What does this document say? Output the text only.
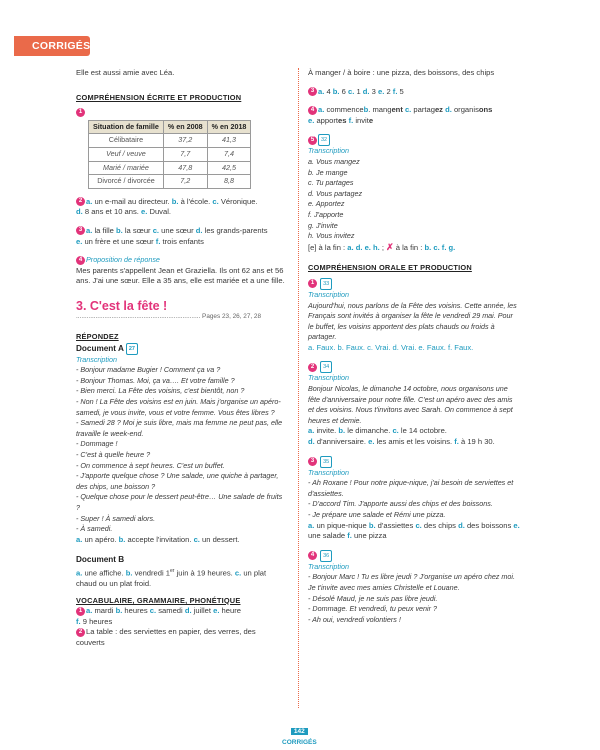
CORRIGÉS

Elle est aussi amie avec Léa.

COMPRÉHENSION ÉCRITE ET PRODUCTION

1
Situation de famille	% en 2008	% en 2018
Célibataire	37,2	41,3
Veuf / veuve	7,7	7,4
Marié / mariée	47,8	42,5
Divorcé / divorcée	7,2	8,8

2 a. un e-mail au directeur. b. à l'école. c. Véronique.
d. 8 ans et 10 ans. e. Duval.

3 a. la fille b. la sœur c. une sœur d. les grands-parents
e. un frère et une sœur f. trois enfants

4 Proposition de réponse

Mes parents s'appellent Jean et Graziella. Ils ont 62 ans et 56 ans. J'ai une sœur. Elle a 35 ans, elle est mariée et a une fille.

3. C'est la fête !

...................................................................... Pages 23, 26, 27, 28

RÉPONDEZ

Document A 27

Transcription

- Bonjour madame Bugier ! Comment ça va ?

- Bonjour Thomas. Moi, ça va…. Et votre famille ?

- Bien merci. La Fête des voisins, c'est bientôt, non ?

- Non ! La Fête des voisins est en juin. Mais j'organise un apéro-samedi, je vous invite, vous et votre femme. Vous êtes libres ?

- Samedi 28 ? Moi je suis libre, mais ma femme ne peut pas, elle travaille le week-end.

- Dommage !

- C'est à quelle heure ?

- On commence à sept heures. C'est un buffet.

- J'apporte quelque chose ? Une salade, une quiche à partager, des chips, une boisson ?

- Quelque chose pour le dessert peut-être… Une salade de fruits ?

- Super ! À samedi alors.

- À samedi.

a. un apéro. b. accepte l'invitation. c. un dessert.

Document B

a. une affiche. b. vendredi 1er juin à 19 heures. c. un plat chaud ou un plat froid.

VOCABULAIRE, GRAMMAIRE, PHONÉTIQUE

1 a. mardi b. heures c. samedi d. juillet e. heure
f. 9 heures

2 La table : des serviettes en papier, des verres, des couverts

À manger / à boire : une pizza, des boissons, des chips

3 a. 4 b. 6 c. 1 d. 3 e. 2 f. 5

4 a. commenceb. mangent c. partagez d. organisons
e. apportes f. invite

5 32

Transcription

a. Vous mangez

b. Je mange

c. Tu partages

d. Vous partagez

e. Apportez

f. J'apporte

g. J'invite

h. Vous invitez

[e] à la fin : a. d. e. h. ; ✗ à la fin : b. c. f. g.

COMPRÉHENSION ORALE ET PRODUCTION

1 33

Transcription

Aujourd'hui, nous parlons de la Fête des voisins. Cette année, les Français sont invités à organiser la fête le vendredi 29 mai. Pour le buffet, les voisins apportent des plats chauds ou froids à partager.

a. Faux. b. Faux. c. Vrai. d. Vrai. e. Faux. f. Faux.

2 34

Transcription

Bonjour Nicolas, le dimanche 14 octobre, nous organisons une fête d'anniversaire pour notre fille. C'est un apéro avec des amis et des voisins. Nous t'invitons avec Sarah. On commence à sept heures et demie.

a. invite. b. le dimanche. c. le 14 octobre.
d. d'anniversaire. e. les amis et les voisins. f. à 19 h 30.

3 35

Transcription

- Ah Roxane ! Pour notre pique-nique, j'ai besoin de serviettes et d'assiettes.

- D'accord Tim. J'apporte aussi des chips et des boissons.

- Je prépare une salade et Rémi une pizza.

a. un pique-nique b. d'assiettes c. des chips d. des boissons e. une salade f. une pizza

4 36

Transcription

- Bonjour Marc ! Tu es libre jeudi ? J'organise un apéro chez moi. Je t'invite avec mes amies Christelle et Louane.

- Désolé Maud, je ne suis pas libre jeudi.

- Dommage. Et vendredi, tu peux venir ?

- Ah oui, vendredi volontiers !

142
CORRIGÉS
